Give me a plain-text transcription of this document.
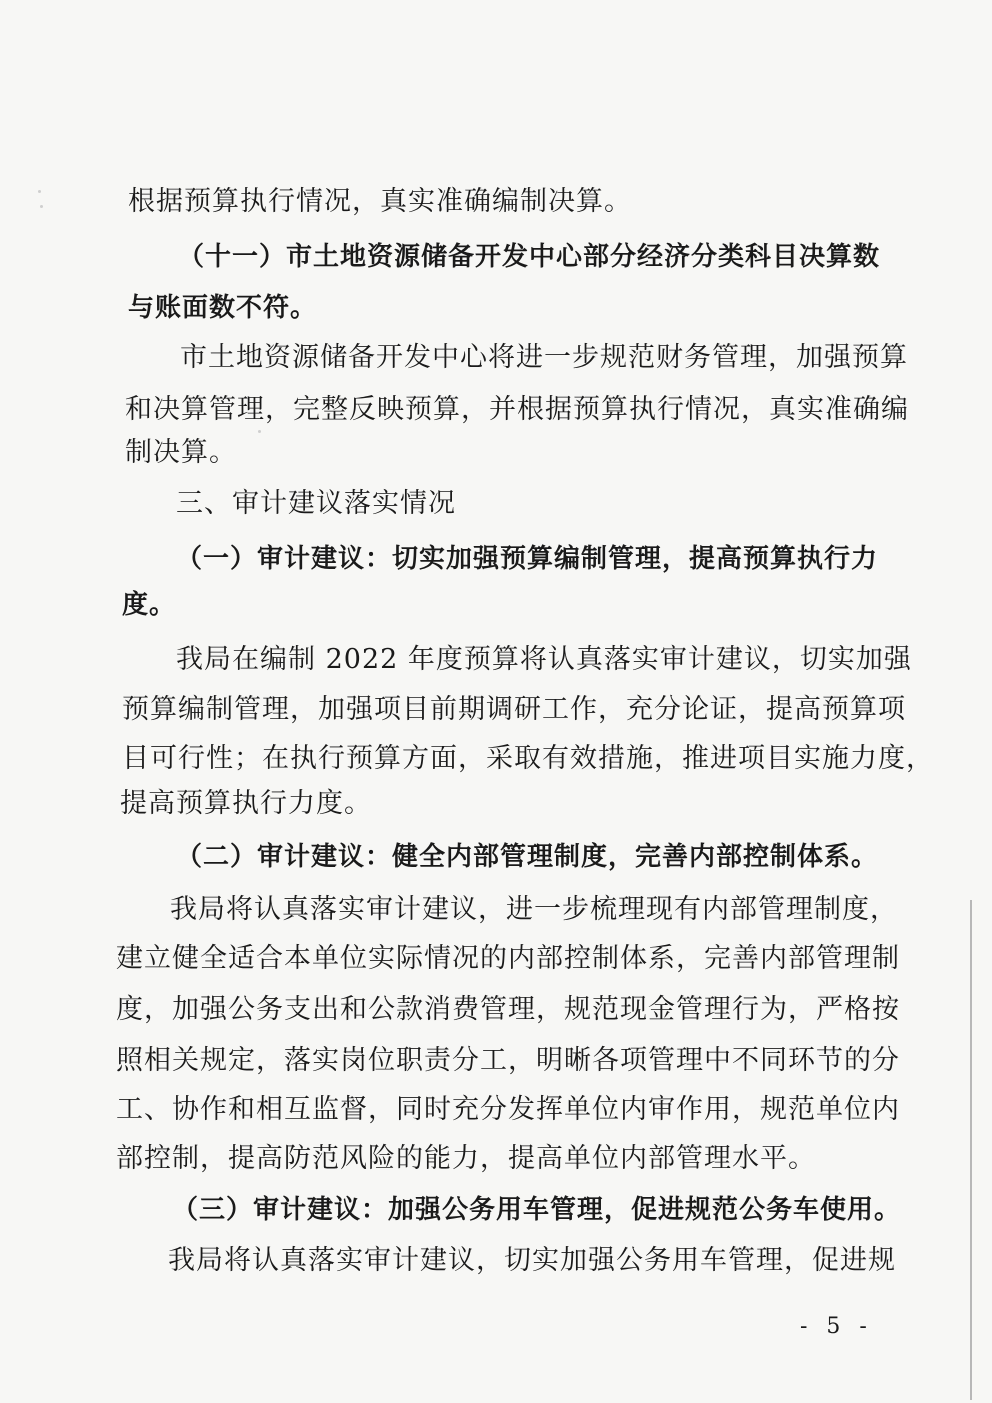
根据预算执行情况，真实准确编制决算。
（十一）市土地资源储备开发中心部分经济分类科目决算数
与账面数不符。
市土地资源储备开发中心将进一步规范财务管理，加强预算
和决算管理，完整反映预算，并根据预算执行情况，真实准确编
制决算。
三、审计建议落实情况
（一）审计建议：切实加强预算编制管理，提高预算执行力
度。
我局在编制 2022 年度预算将认真落实审计建议，切实加强
预算编制管理，加强项目前期调研工作，充分论证，提高预算项
目可行性；在执行预算方面，采取有效措施，推进项目实施力度，
提高预算执行力度。
（二）审计建议：健全内部管理制度，完善内部控制体系。
我局将认真落实审计建议，进一步梳理现有内部管理制度，
建立健全适合本单位实际情况的内部控制体系，完善内部管理制
度，加强公务支出和公款消费管理，规范现金管理行为，严格按
照相关规定，落实岗位职责分工，明晰各项管理中不同环节的分
工、协作和相互监督，同时充分发挥单位内审作用，规范单位内
部控制，提高防范风险的能力，提高单位内部管理水平。
（三）审计建议：加强公务用车管理，促进规范公务车使用。
我局将认真落实审计建议，切实加强公务用车管理，促进规
- 5 -
